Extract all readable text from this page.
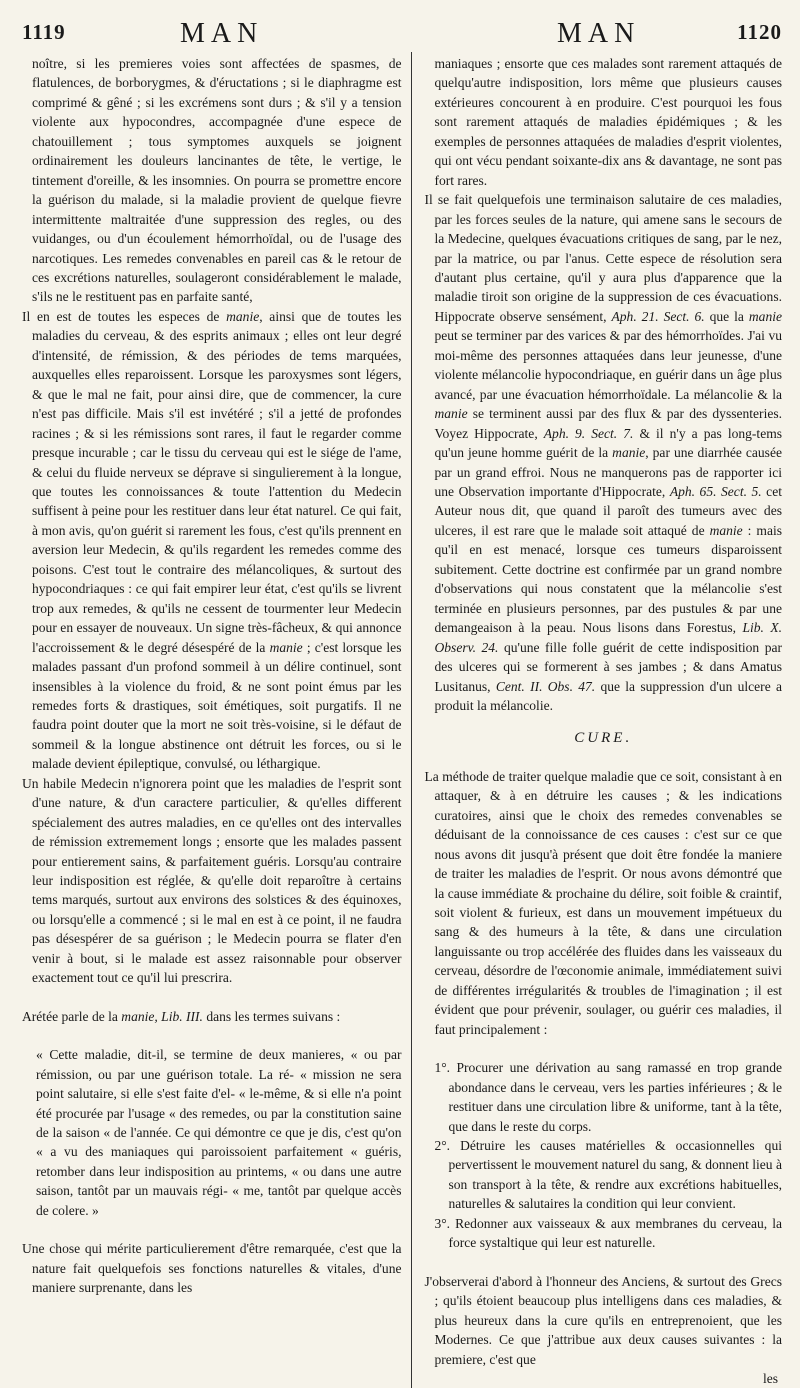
1119	MAN	MAN	1120

noître, si les premieres voies sont affectées de spasmes, de flatulences, de borborygmes, & d'éructations ; si le diaphragme est comprimé & gêné ; si les excrémens sont durs ; & s'il y a tension violente aux hypocondres, accompagnée d'une espece de chatouillement ; tous symptomes auxquels se joignent ordinairement les douleurs lancinantes de tête, le vertige, le tintement d'oreille, & les insomnies. On pourra se promettre encore la guérison du malade, si la maladie provient de quelque fievre intermittente maltraitée d'une suppression des regles, ou des vuidanges, ou d'un écoulement hémorrhoïdal, ou de l'usage des narcotiques. Les remedes convenables en pareil cas & le retour de ces excrétions naturelles, soulageront considérablement le malade, s'ils ne le restituent pas en parfaite santé,

Il en est de toutes les especes de manie, ainsi que de toutes les maladies du cerveau, & des esprits animaux ; elles ont leur degré d'intensité, de rémission, & des périodes de tems marquées, auxquelles elles reparoissent. Lorsque les paroxysmes sont légers, & que le mal ne fait, pour ainsi dire, que de commencer, la cure n'est pas difficile. Mais s'il est invétéré ; s'il a jetté de profondes racines ; & si les rémissions sont rares, il faut le regarder comme presque incurable ; car le tissu du cerveau qui est le siége de l'ame, & celui du fluide nerveux se déprave si singulierement à la longue, que toutes les connoissances & toute l'attention du Medecin suffisent à peine pour les restituer dans leur état naturel. Ce qui fait, à mon avis, qu'on guérit si rarement les fous, c'est qu'ils prennent en aversion leur Medecin, & qu'ils regardent les remedes comme des poisons. C'est tout le contraire des mélancoliques, & surtout des hypocondriaques : ce qui fait empirer leur état, c'est qu'ils se livrent trop aux remedes, & qu'ils ne cessent de tourmenter leur Medecin pour en essayer de nouveaux. Un signe très-fâcheux, & qui annonce l'accroissement & le degré désespéré de la manie ; c'est lorsque les malades passant d'un profond sommeil à un délire continuel, sont insensibles à la violence du froid, & ne sont point émus par les remedes forts & drastiques, soit émétiques, soit purgatifs. Il ne faudra point douter que la mort ne soit très-voisine, si le défaut de sommeil & la longue abstinence ont détruit les forces, ou si le malade devient épileptique, convulsé, ou léthargique.

Un habile Medecin n'ignorera point que les maladies de l'esprit sont d'une nature, & d'un caractere particulier, & qu'elles different spécialement des autres maladies, en ce qu'elles ont des intervalles de rémission extremement longs ; ensorte que les malades passent pour entierement sains, & parfaitement guéris. Lorsqu'au contraire leur indisposition est réglée, & qu'elle doit reparoître à certains tems marqués, surtout aux environs des solstices & des équinoxes, ou lorsqu'elle a commencé ; si le mal en est à ce point, il ne faudra pas désespérer de sa guérison ; le Medecin pourra se flater d'en venir à bout, si le malade est assez raisonnable pour observer exactement tout ce qu'il lui prescrira.

Arétée parle de la manie, Lib. III. dans les termes suivans :

« Cette maladie, dit-il, se termine de deux manieres, « ou par rémission, ou par une guérison totale. La ré- « mission ne sera point salutaire, si elle s'est faite d'el- « le-même, & si elle n'a point été procurée par l'usage « des remedes, ou par la constitution saine de la saison « de l'année. Ce qui démontre ce que je dis, c'est qu'on « a vu des maniaques qui paroissoient parfaitement « guéris, retomber dans leur indisposition au printems, « ou dans une autre saison, tantôt par un mauvais régi- « me, tantôt par quelque accès de colere. »

Une chose qui mérite particulierement d'être remarquée, c'est que la nature fait quelquefois ses fonctions naturelles & vitales, d'une maniere surprenante, dans les

maniaques ; ensorte que ces malades sont rarement attaqués de quelqu'autre indisposition, lors même que plusieurs causes extérieures concourent à en produire. C'est pourquoi les fous sont rarement attaqués de maladies épidémiques ; & les exemples de personnes attaquées de maladies d'esprit violentes, qui ont vécu pendant soixante-dix ans & davantage, ne sont pas fort rares.

Il se fait quelquefois une terminaison salutaire de ces maladies, par les forces seules de la nature, qui amene sans le secours de la Medecine, quelques évacuations critiques de sang, par le nez, par la matrice, ou par l'anus. Cette espece de résolution sera d'autant plus certaine, qu'il y aura plus d'apparence que la maladie tiroit son origine de la suppression de ces évacuations. Hippocrate observe sensément, Aph. 21. Sect. 6. que la manie peut se terminer par des varices & par des hémorrhoïdes. J'ai vu moi-même des personnes attaquées dans leur jeunesse, d'une violente mélancolie hypocondriaque, en guérir dans un âge plus avancé, par une évacuation hémorrhoïdale. La mélancolie & la manie se terminent aussi par des flux & par des dyssenteries. Voyez Hippocrate, Aph. 9. Sect. 7. & il n'y a pas long-tems qu'un jeune homme guérit de la manie, par une diarrhée causée par un grand effroi. Nous ne manquerons pas de rapporter ici une Observation importante d'Hippocrate, Aph. 65. Sect. 5. cet Auteur nous dit, que quand il paroît des tumeurs avec des ulceres, il est rare que le malade soit attaqué de manie : mais qu'il en est menacé, lorsque ces tumeurs disparoissent subitement. Cette doctrine est confirmée par un grand nombre d'observations qui nous constatent que la mélancolie s'est terminée en plusieurs personnes, par des pustules & par une demangeaison à la peau. Nous lisons dans Forestus, Lib. X. Observ. 24. qu'une fille folle guérit de cette indisposition par des ulceres qui se formerent à ses jambes ; & dans Amatus Lusitanus, Cent. II. Obs. 47. que la suppression d'un ulcere a produit la mélancolie.

CURE.

La méthode de traiter quelque maladie que ce soit, consistant à en attaquer, & à en détruire les causes ; & les indications curatoires, ainsi que le choix des remedes convenables se déduisant de la connoissance de ces causes : c'est sur ce que nous avons dit jusqu'à présent que doit être fondée la maniere de traiter les maladies de l'esprit. Or nous avons démontré que la cause immédiate & prochaine du délire, soit foible & craintif, soit violent & furieux, est dans un mouvement impétueux du sang & des humeurs à la tête, & dans une circulation languissante ou trop accélérée des fluides dans les vaisseaux du cerveau, désordre de l'œconomie animale, immédiatement suivi de différentes irrégularités & troubles de l'imagination ; il est évident que pour prévenir, soulager, ou guérir ces maladies, il faut principalement :

1°. Procurer une dérivation au sang ramassé en trop grande abondance dans le cerveau, vers les parties inférieures ; & le restituer dans une circulation libre & uniforme, tant à la tête, que dans le reste du corps.

2°. Détruire les causes matérielles & occasionnelles qui pervertissent le mouvement naturel du sang, & donnent lieu à son transport à la tête, & rendre aux excrétions habituelles, naturelles & salutaires la condition qui leur convient.

3°. Redonner aux vaisseaux & aux membranes du cerveau, la force systaltique qui leur est naturelle.

J'observerai d'abord à l'honneur des Anciens, & surtout des Grecs ; qu'ils étoient beaucoup plus intelligens dans ces maladies, & plus heureux dans la cure qu'ils en entreprenoient, que les Modernes. Ce que j'attribue aux deux causes suivantes : la premiere, c'est que

les
